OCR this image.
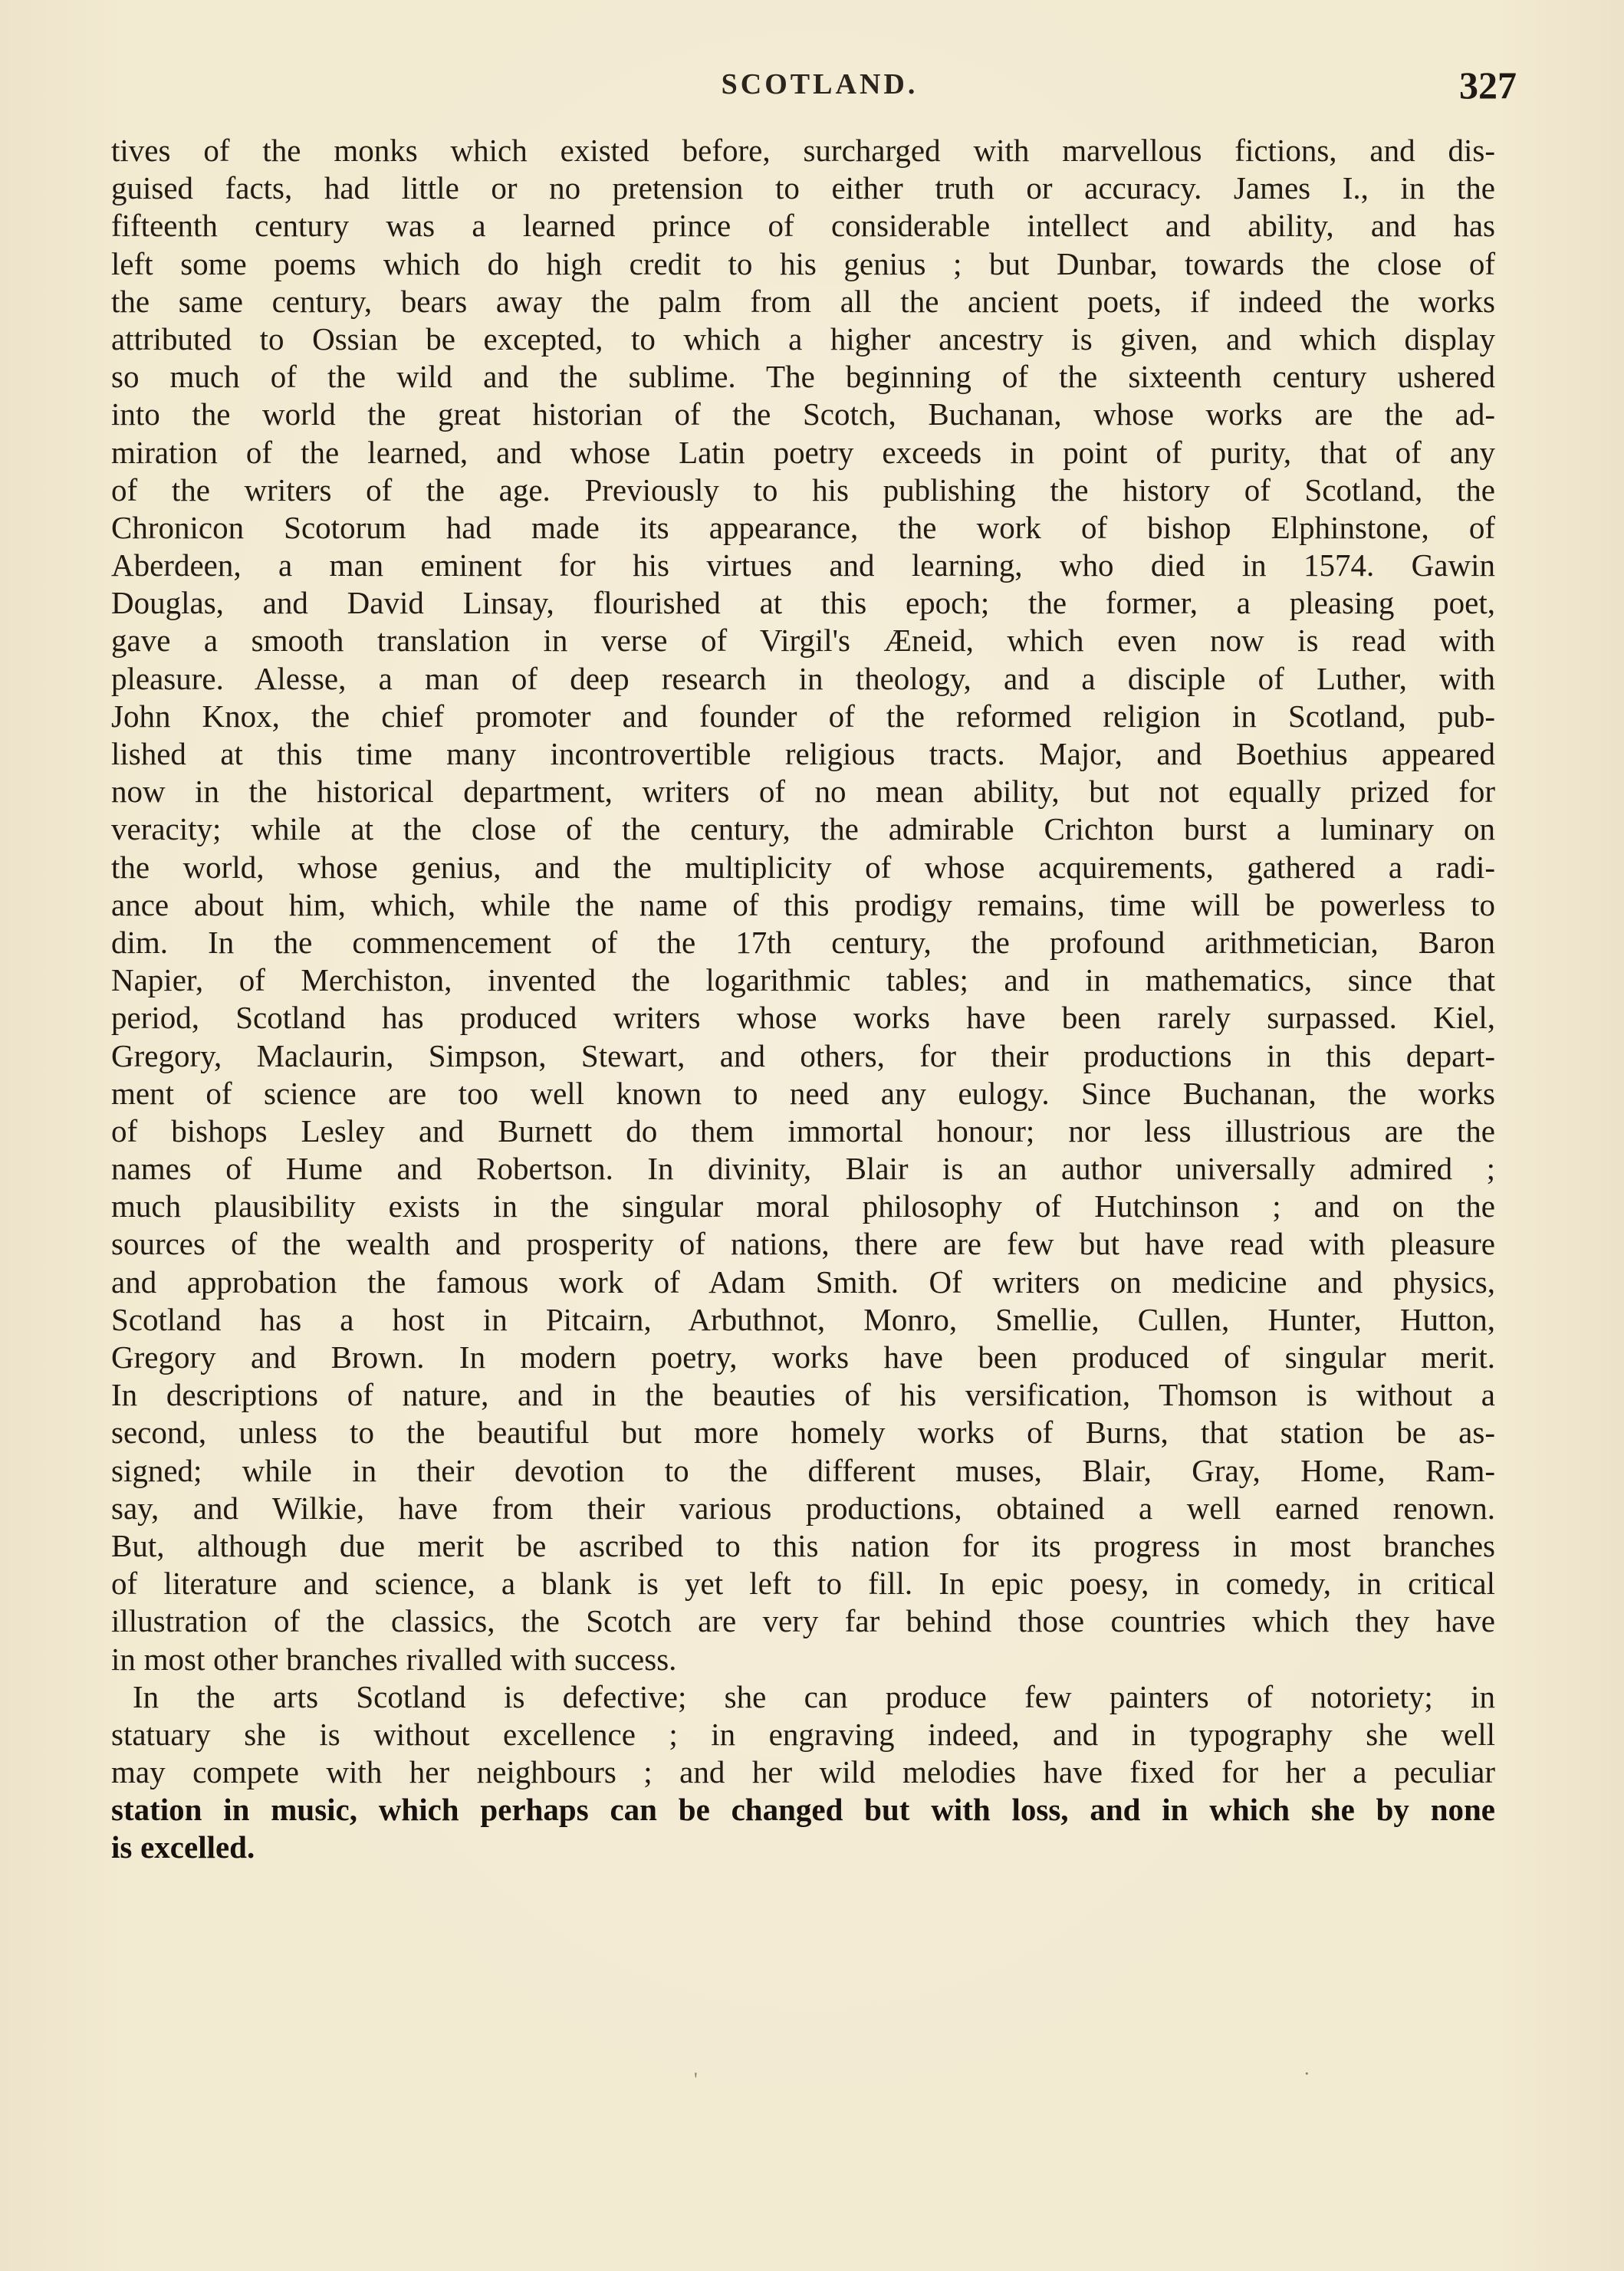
SCOTLAND.	327
tives of the monks which existed before, surcharged with marvellous fictions, and dis-
guised facts, had little or no pretension to either truth or accuracy. James I., in the
fifteenth century was a learned prince of considerable intellect and ability, and has
left some poems which do high credit to his genius ; but Dunbar, towards the close of
the same century, bears away the palm from all the ancient poets, if indeed the works
attributed to Ossian be excepted, to which a higher ancestry is given, and which display
so much of the wild and the sublime. The beginning of the sixteenth century ushered
into the world the great historian of the Scotch, Buchanan, whose works are the ad-
miration of the learned, and whose Latin poetry exceeds in point of purity, that of any
of the writers of the age. Previously to his publishing the history of Scotland, the
Chronicon Scotorum had made its appearance, the work of bishop Elphinstone, of
Aberdeen, a man eminent for his virtues and learning, who died in 1574. Gawin
Douglas, and David Linsay, flourished at this epoch; the former, a pleasing poet,
gave a smooth translation in verse of Virgil's Æneid, which even now is read with
pleasure. Alesse, a man of deep research in theology, and a disciple of Luther, with
John Knox, the chief promoter and founder of the reformed religion in Scotland, pub-
lished at this time many incontrovertible religious tracts. Major, and Boethius appeared
now in the historical department, writers of no mean ability, but not equally prized for
veracity; while at the close of the century, the admirable Crichton burst a luminary on
the world, whose genius, and the multiplicity of whose acquirements, gathered a radi-
ance about him, which, while the name of this prodigy remains, time will be powerless to
dim. In the commencement of the 17th century, the profound arithmetician, Baron
Napier, of Merchiston, invented the logarithmic tables; and in mathematics, since that
period, Scotland has produced writers whose works have been rarely surpassed. Kiel,
Gregory, Maclaurin, Simpson, Stewart, and others, for their productions in this depart-
ment of science are too well known to need any eulogy. Since Buchanan, the works
of bishops Lesley and Burnett do them immortal honour; nor less illustrious are the
names of Hume and Robertson. In divinity, Blair is an author universally admired ;
much plausibility exists in the singular moral philosophy of Hutchinson ; and on the
sources of the wealth and prosperity of nations, there are few but have read with pleasure
and approbation the famous work of Adam Smith. Of writers on medicine and physics,
Scotland has a host in Pitcairn, Arbuthnot, Monro, Smellie, Cullen, Hunter, Hutton,
Gregory and Brown. In modern poetry, works have been produced of singular merit.
In descriptions of nature, and in the beauties of his versification, Thomson is without a
second, unless to the beautiful but more homely works of Burns, that station be as-
signed; while in their devotion to the different muses, Blair, Gray, Home, Ram-
say, and Wilkie, have from their various productions, obtained a well earned renown.
But, although due merit be ascribed to this nation for its progress in most branches
of literature and science, a blank is yet left to fill. In epic poesy, in comedy, in critical
illustration of the classics, the Scotch are very far behind those countries which they have
in most other branches rivalled with success.
In the arts Scotland is defective; she can produce few painters of notoriety; in
statuary she is without excellence ; in engraving indeed, and in typography she well
may compete with her neighbours ; and her wild melodies have fixed for her a peculiar
station in music, which perhaps can be changed but with loss, and in which she by none
is excelled.
'	·
